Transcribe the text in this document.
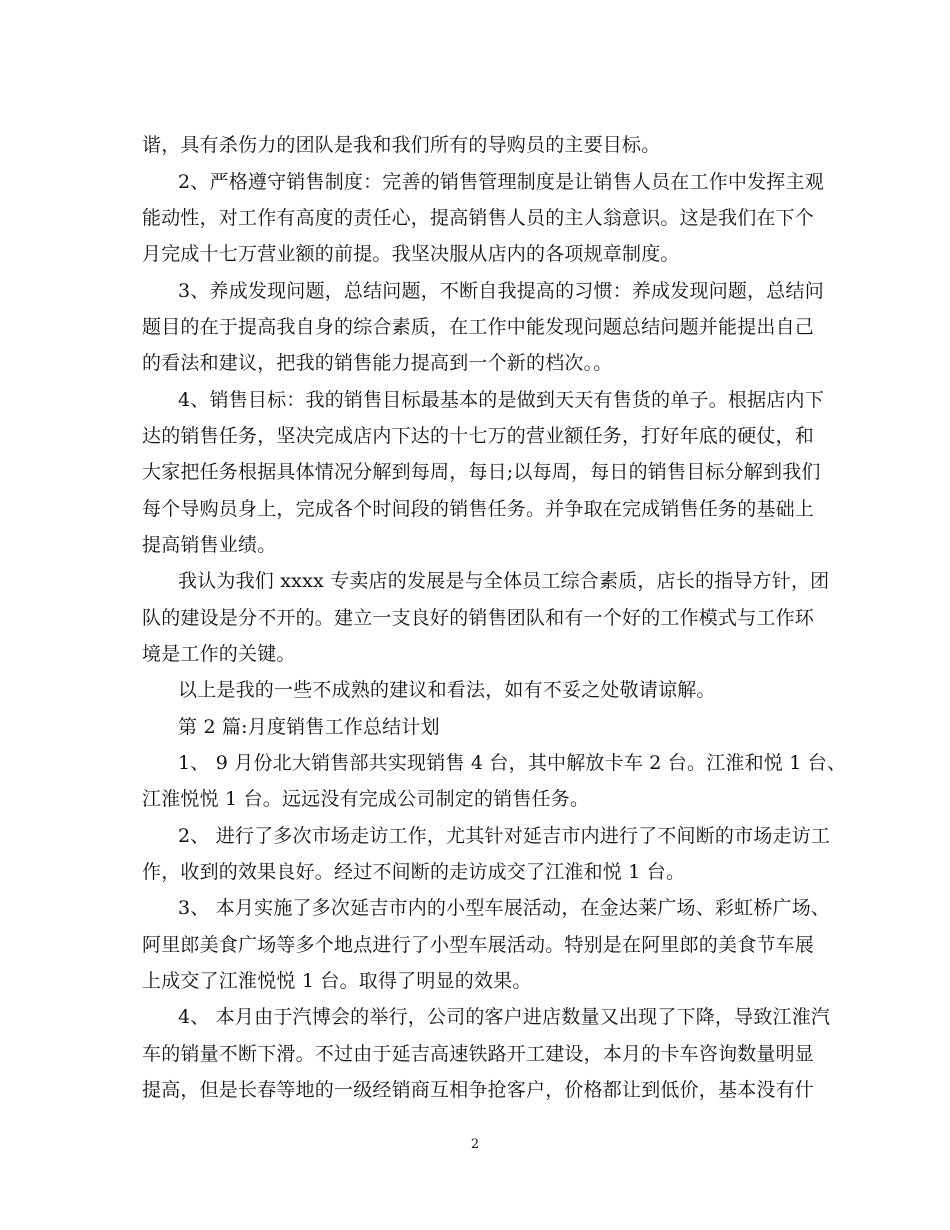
谐，具有杀伤力的团队是我和我们所有的导购员的主要目标。
2、严格遵守销售制度：完善的销售管理制度是让销售人员在工作中发挥主观
能动性，对工作有高度的责任心，提高销售人员的主人翁意识。这是我们在下个
月完成十七万营业额的前提。我坚决服从店内的各项规章制度。
3、养成发现问题，总结问题，不断自我提高的习惯：养成发现问题，总结问
题目的在于提高我自身的综合素质，在工作中能发现问题总结问题并能提出自己
的看法和建议，把我的销售能力提高到一个新的档次。。
4、销售目标：我的销售目标最基本的是做到天天有售货的单子。根据店内下
达的销售任务，坚决完成店内下达的十七万的营业额任务，打好年底的硬仗，和
大家把任务根据具体情况分解到每周，每日;以每周，每日的销售目标分解到我们
每个导购员身上，完成各个时间段的销售任务。并争取在完成销售任务的基础上
提高销售业绩。
我认为我们 xxxx 专卖店的发展是与全体员工综合素质，店长的指导方针，团
队的建设是分不开的。建立一支良好的销售团队和有一个好的工作模式与工作环
境是工作的关键。
以上是我的一些不成熟的建议和看法，如有不妥之处敬请谅解。
第 2 篇:月度销售工作总结计划
1、 9 月份北大销售部共实现销售 4 台，其中解放卡车 2 台。江淮和悦 1 台、
江淮悦悦 1 台。远远没有完成公司制定的销售任务。
2、 进行了多次市场走访工作，尤其针对延吉市内进行了不间断的市场走访工
作，收到的效果良好。经过不间断的走访成交了江淮和悦 1 台。
3、 本月实施了多次延吉市内的小型车展活动，在金达莱广场、彩虹桥广场、
阿里郎美食广场等多个地点进行了小型车展活动。特别是在阿里郎的美食节车展
上成交了江淮悦悦 1 台。取得了明显的效果。
4、 本月由于汽博会的举行，公司的客户进店数量又出现了下降，导致江淮汽
车的销量不断下滑。不过由于延吉高速铁路开工建设，本月的卡车咨询数量明显
提高，但是长春等地的一级经销商互相争抢客户，价格都让到低价，基本没有什
2
